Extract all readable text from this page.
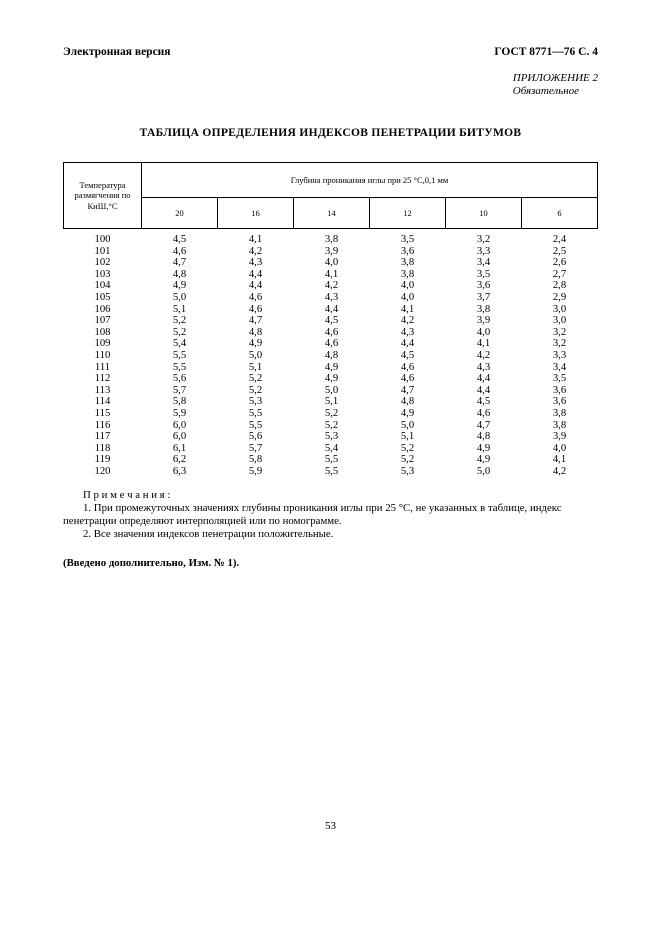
Электронная версия	ГОСТ 8771—76 С. 4
ПРИЛОЖЕНИЕ 2
Обязательное
ТАБЛИЦА ОПРЕДЕЛЕНИЯ ИНДЕКСОВ ПЕНЕТРАЦИИ БИТУМОВ
Температура размягчения по КиШ,°С	Глубина проникания иглы при 25 °С,0,1 мм					
	20	16	14	12	10	6
100	4,5	4,1	3,8	3,5	3,2	2,4
101	4,6	4,2	3,9	3,6	3,3	2,5
102	4,7	4,3	4,0	3,8	3,4	2,6
103	4,8	4,4	4,1	3,8	3,5	2,7
104	4,9	4,4	4,2	4,0	3,6	2,8
105	5,0	4,6	4,3	4,0	3,7	2,9
106	5,1	4,6	4,4	4,1	3,8	3,0
107	5,2	4,7	4,5	4,2	3,9	3,0
108	5,2	4,8	4,6	4,3	4,0	3,2
109	5,4	4,9	4,6	4,4	4,1	3,2
110	5,5	5,0	4,8	4,5	4,2	3,3
111	5,5	5,1	4,9	4,6	4,3	3,4
112	5,6	5,2	4,9	4,6	4,4	3,5
113	5,7	5,2	5,0	4,7	4,4	3,6
114	5,8	5,3	5,1	4,8	4,5	3,6
115	5,9	5,5	5,2	4,9	4,6	3,8
116	6,0	5,5	5,2	5,0	4,7	3,8
117	6,0	5,6	5,3	5,1	4,8	3,9
118	6,1	5,7	5,4	5,2	4,9	4,0
119	6,2	5,8	5,5	5,2	4,9	4,1
120	6,3	5,9	5,5	5,3	5,0	4,2

П р и м е ч а н и я :

1. При промежуточных значениях глубины проникания иглы при 25 °С, не указанных в таблице, индекс пенетрации определяют интерполяцией или по номограмме.

2. Все значения индексов пенетрации положительные.

(Введено дополнительно, Изм. № 1).
53
